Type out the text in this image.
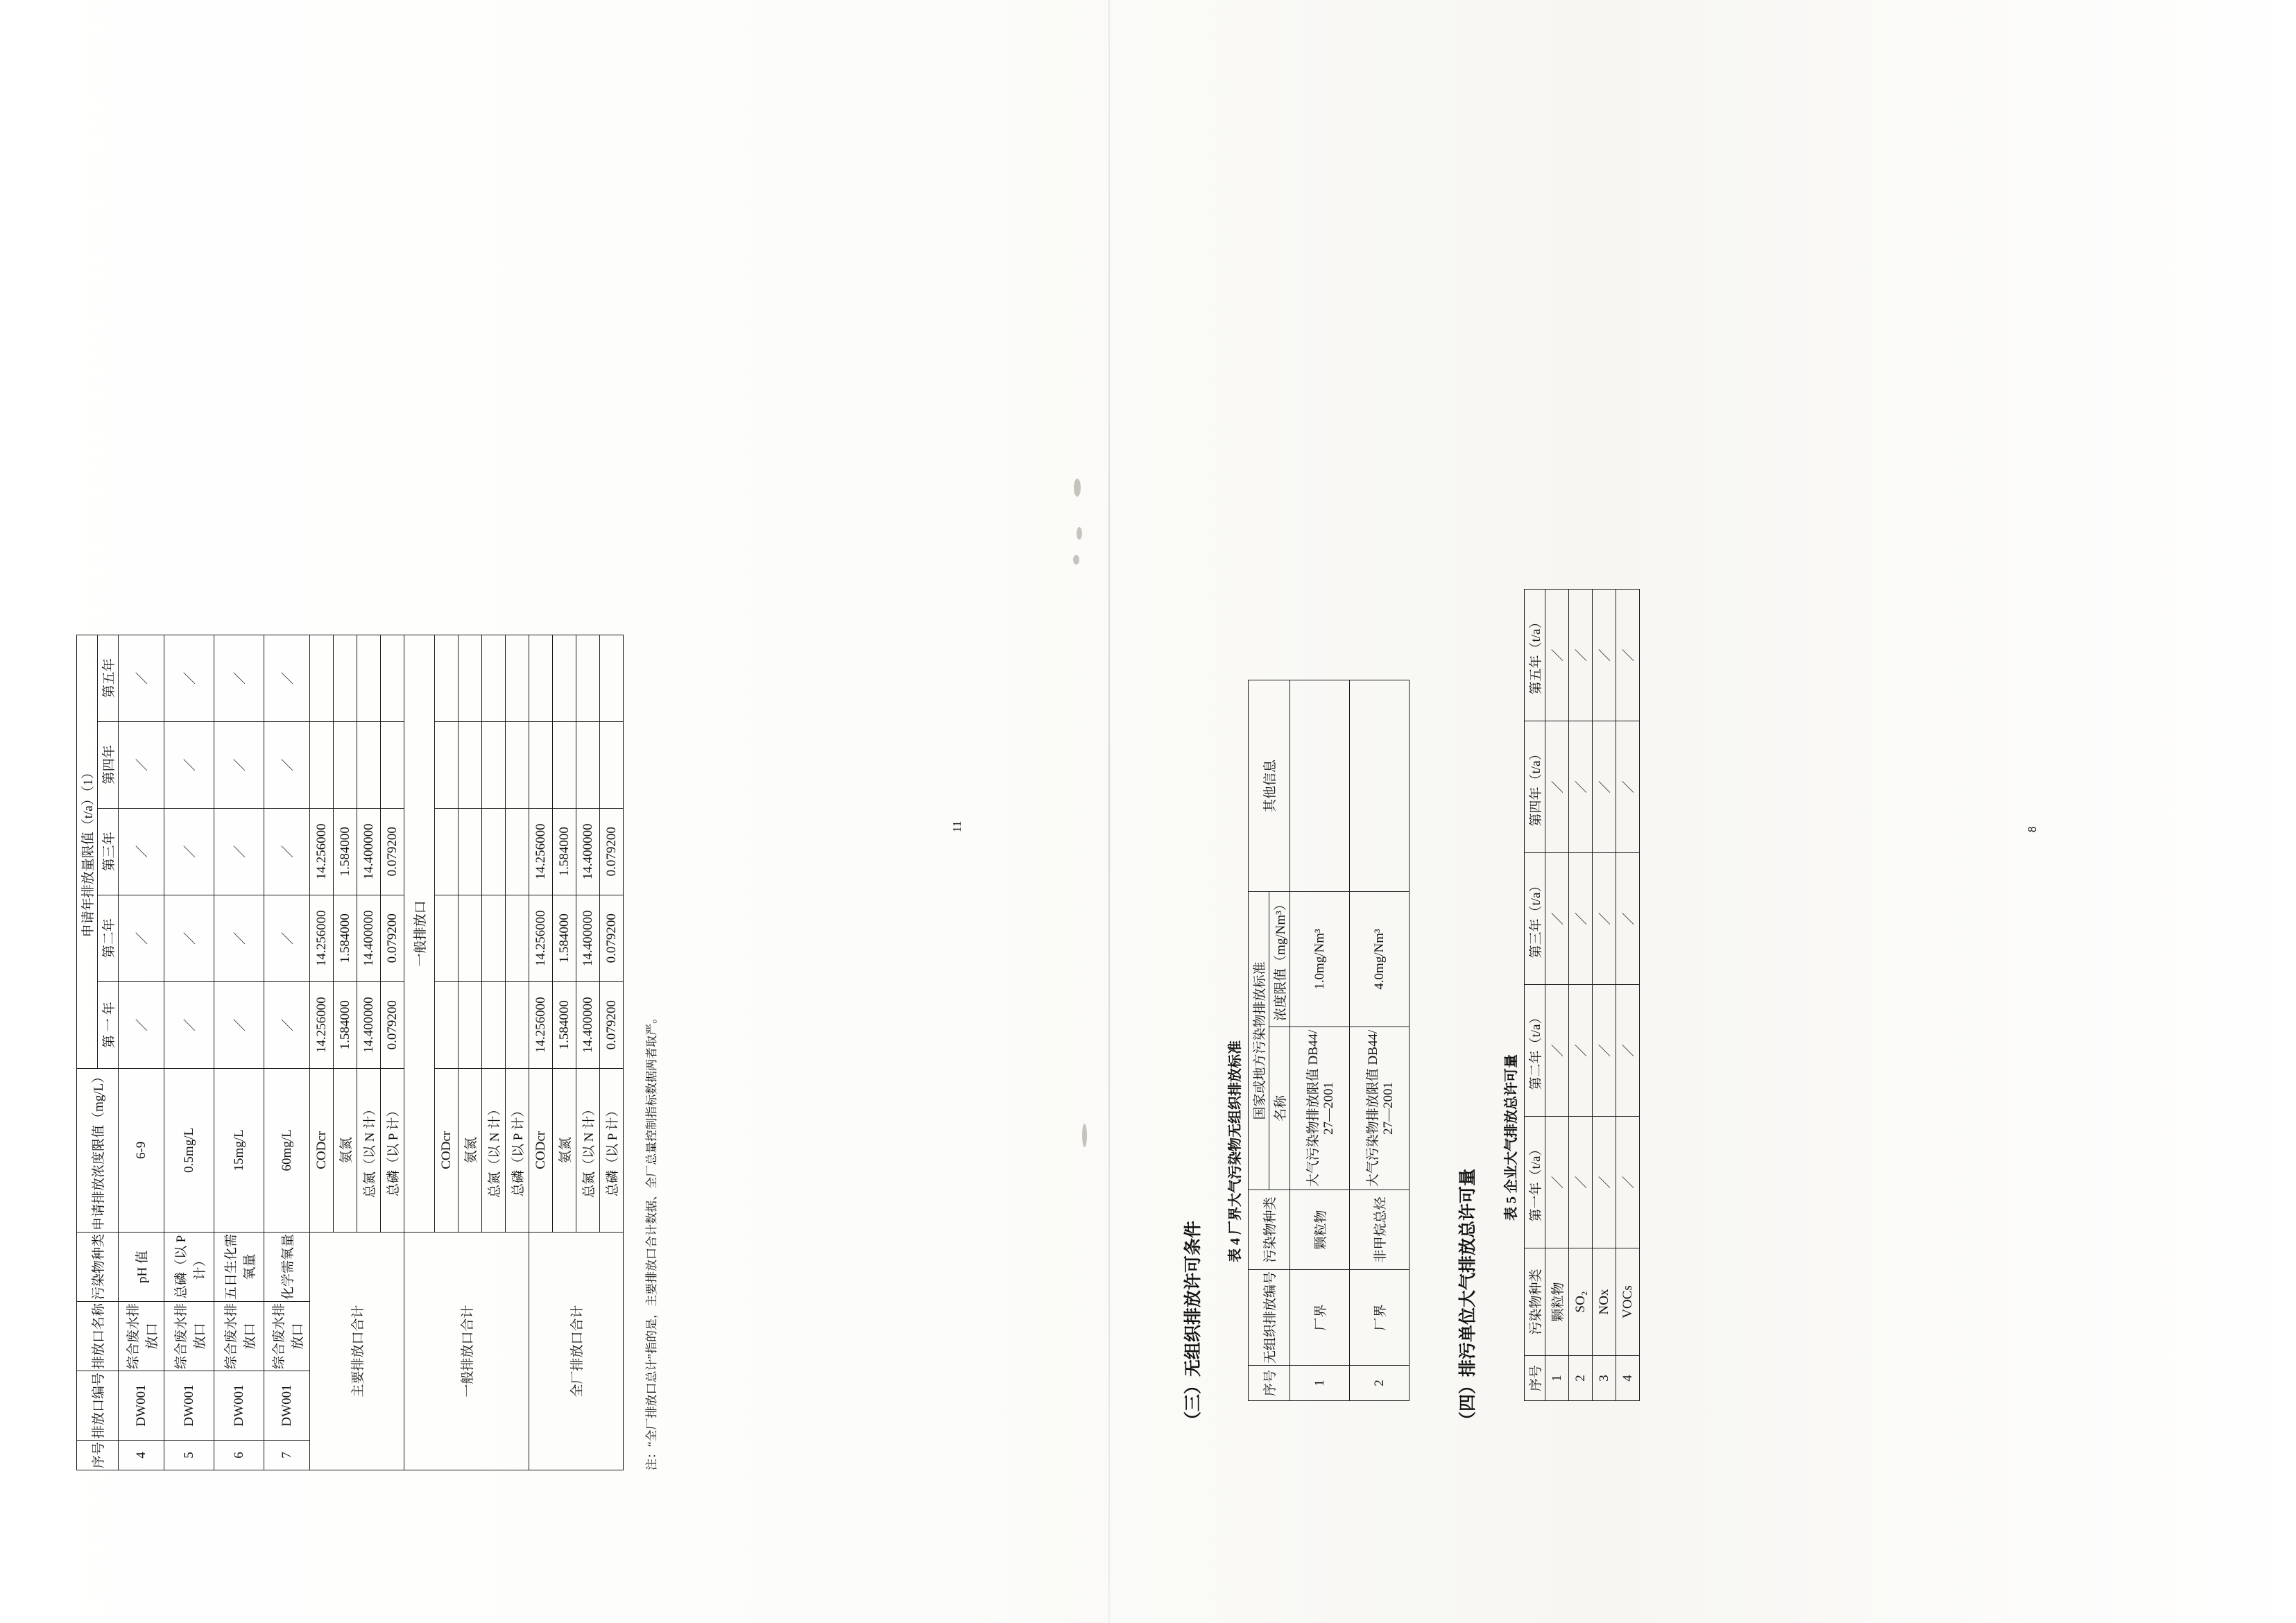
序号	排放口编号	排放口名称	污染物种类	申请排放浓度限值（mg/L）	申请年排放量限值（t/a）（1）				
					第 一 年	第二年	第三年	第四年	第五年
4	DW001	综合废水排放口	pH 值	6-9	／	／	／	／	／
5	DW001	综合废水排放口	总磷（以 P 计）	0.5mg/L	／	／	／	／	／
6	DW001	综合废水排放口	五日生化需氧量	15mg/L	／	／	／	／	／
7	DW001	综合废水排放口	化学需氧量	60mg/L	／	／	／	／	／
主要排放口合计				CODcr	14.256000	14.256000	14.256000		
				氨氮	1.584000	1.584000	1.584000		
				总氮（以 N 计）	14.400000	14.400000	14.400000		
				总磷（以 P 计）	0.079200	0.079200	0.079200		
一般排放口合计				一般排放口					
				CODcr					
				氨氮					
				总氮（以 N 计）					
				总磷（以 P 计）					
全厂排放口合计				CODcr	14.256000	14.256000	14.256000		
				氨氮	1.584000	1.584000	1.584000		
				总氮（以 N 计）	14.400000	14.400000	14.400000		
				总磷（以 P 计）	0.079200	0.079200	0.079200		
注：“全厂排放口总计”指的是，主要排放口合计数据、全厂总量控制指标数据两者取严。
11
（三）无组织排放许可条件
表 4 厂界大气污染物无组织排放标准
序号	无组织排放编号	污染物种类	国家或地方污染物排放标准		其他信息
			名称	浓度限值（mg/Nm³）	
1	厂界	颗粒物	大气污染物排放限值 DB44/ 27—2001	1.0mg/Nm³	
2	厂界	非甲烷总烃	大气污染物排放限值 DB44/ 27—2001	4.0mg/Nm³	
（四）排污单位大气排放总许可量
表 5 企业大气排放总许可量
序号	污染物种类	第一年（t/a）	第二年（t/a）	第三年（t/a）	第四年（t/a）	第五年（t/a）
1	颗粒物	／	／	／	／	／
2	SO₂	／	／	／	／	／
3	NOx	／	／	／	／	／
4	VOCs	／	／	／	／	／
8
